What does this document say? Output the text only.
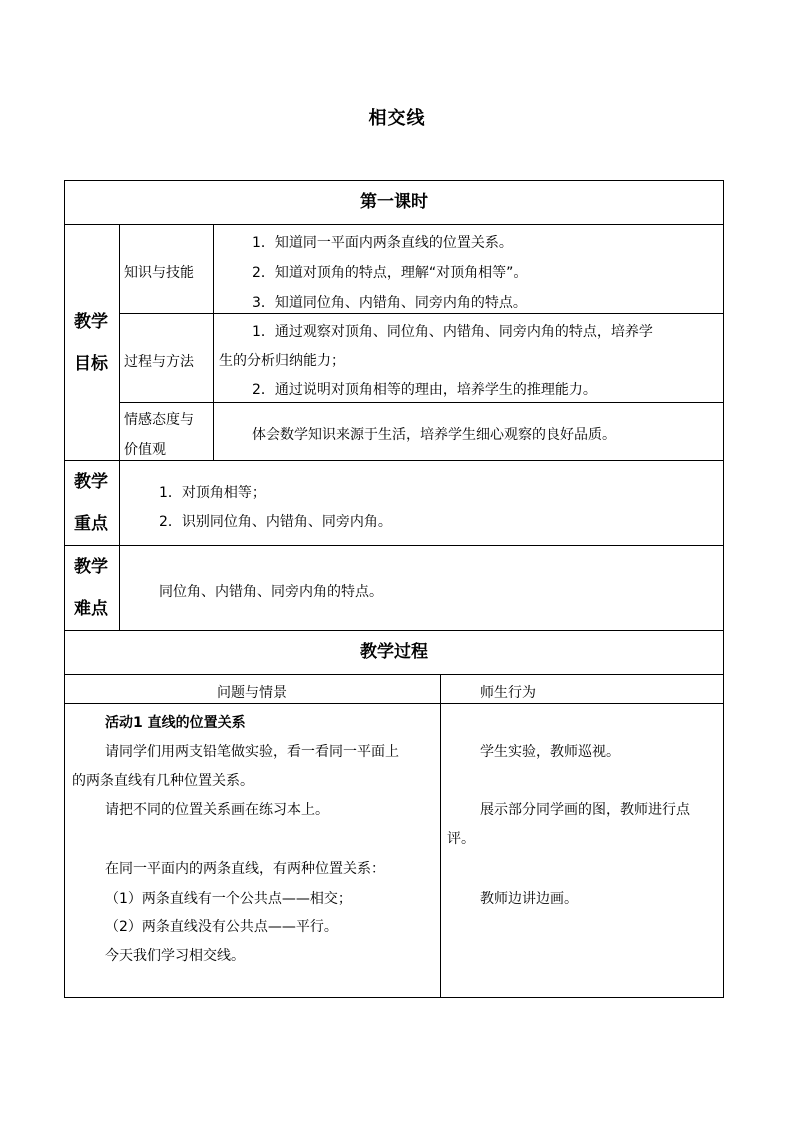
相交线
第一课时
教学
目标
知识与技能
1．知道同一平面内两条直线的位置关系。
2．知道对顶角的特点，理解“对顶角相等”。
3．知道同位角、内错角、同旁内角的特点。
过程与方法
1．通过观察对顶角、同位角、内错角、同旁内角的特点，培养学
生的分析归纳能力；
2．通过说明对顶角相等的理由，培养学生的推理能力。
情感态度与
价值观
体会数学知识来源于生活，培养学生细心观察的良好品质。
教学
重点
1．对顶角相等；
2．识别同位角、内错角、同旁内角。
教学
难点
同位角、内错角、同旁内角的特点。
教学过程
问题与情景	师生行为
活动1 直线的位置关系
请同学们用两支铅笔做实验，看一看同一平面上
的两条直线有几种位置关系。
请把不同的位置关系画在练习本上。
在同一平面内的两条直线，有两种位置关系：
（1）两条直线有一个公共点——相交；
（2）两条直线没有公共点——平行。
今天我们学习相交线。
学生实验，教师巡视。
展示部分同学画的图，教师进行点
评。
教师边讲边画。
